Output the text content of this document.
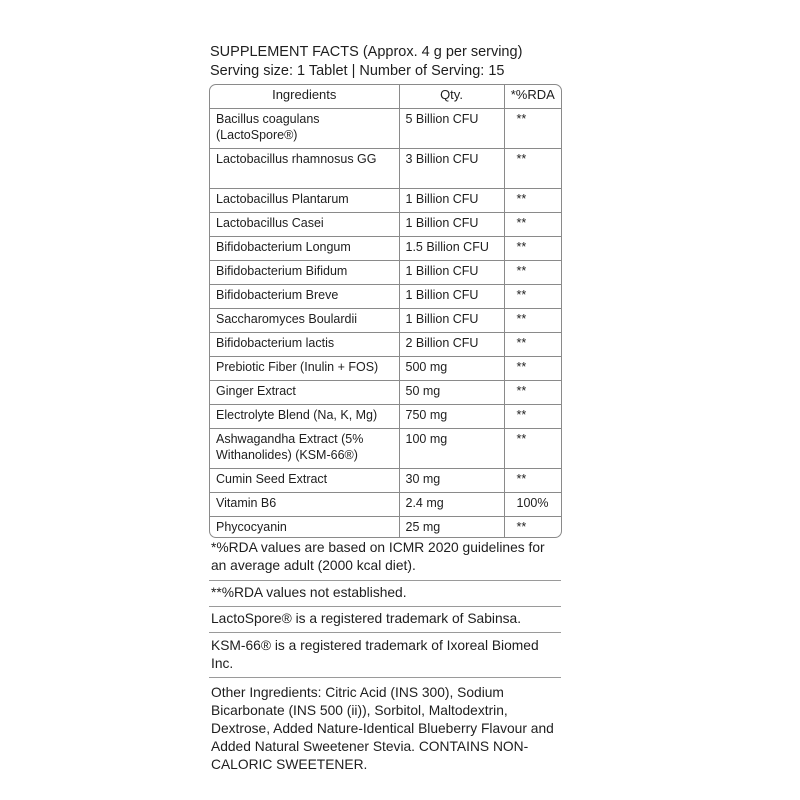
SUPPLEMENT FACTS (Approx. 4 g per serving)
Serving size: 1 Tablet | Number of Serving: 15
Ingredients	Qty.	*%RDA
Bacillus coagulans (LactoSpore®)	5 Billion CFU	**
Lactobacillus rhamnosus GG	3 Billion CFU	**
Lactobacillus Plantarum	1 Billion CFU	**
Lactobacillus Casei	1 Billion CFU	**
Bifidobacterium Longum	1.5 Billion CFU	**
Bifidobacterium Bifidum	1 Billion CFU	**
Bifidobacterium Breve	1 Billion CFU	**
Saccharomyces Boulardii	1 Billion CFU	**
Bifidobacterium lactis	2 Billion CFU	**
Prebiotic Fiber (Inulin + FOS)	500 mg	**
Ginger Extract	50 mg	**
Electrolyte Blend (Na, K, Mg)	750 mg	**
Ashwagandha Extract (5% Withanolides) (KSM-66®)	100 mg	**
Cumin Seed Extract	30 mg	**
Vitamin B6	2.4 mg	100%
Phycocyanin	25 mg	**
*%RDA values are based on ICMR 2020 guidelines for an average adult (2000 kcal diet).
**%RDA values not established.
LactoSpore® is a registered trademark of Sabinsa.
KSM-66® is a registered trademark of Ixoreal Biomed Inc.
Other Ingredients: Citric Acid (INS 300), Sodium Bicarbonate (INS 500 (ii)), Sorbitol, Maltodextrin, Dextrose, Added Nature-Identical Blueberry Flavour and Added Natural Sweetener Stevia. CONTAINS NON-CALORIC SWEETENER.
